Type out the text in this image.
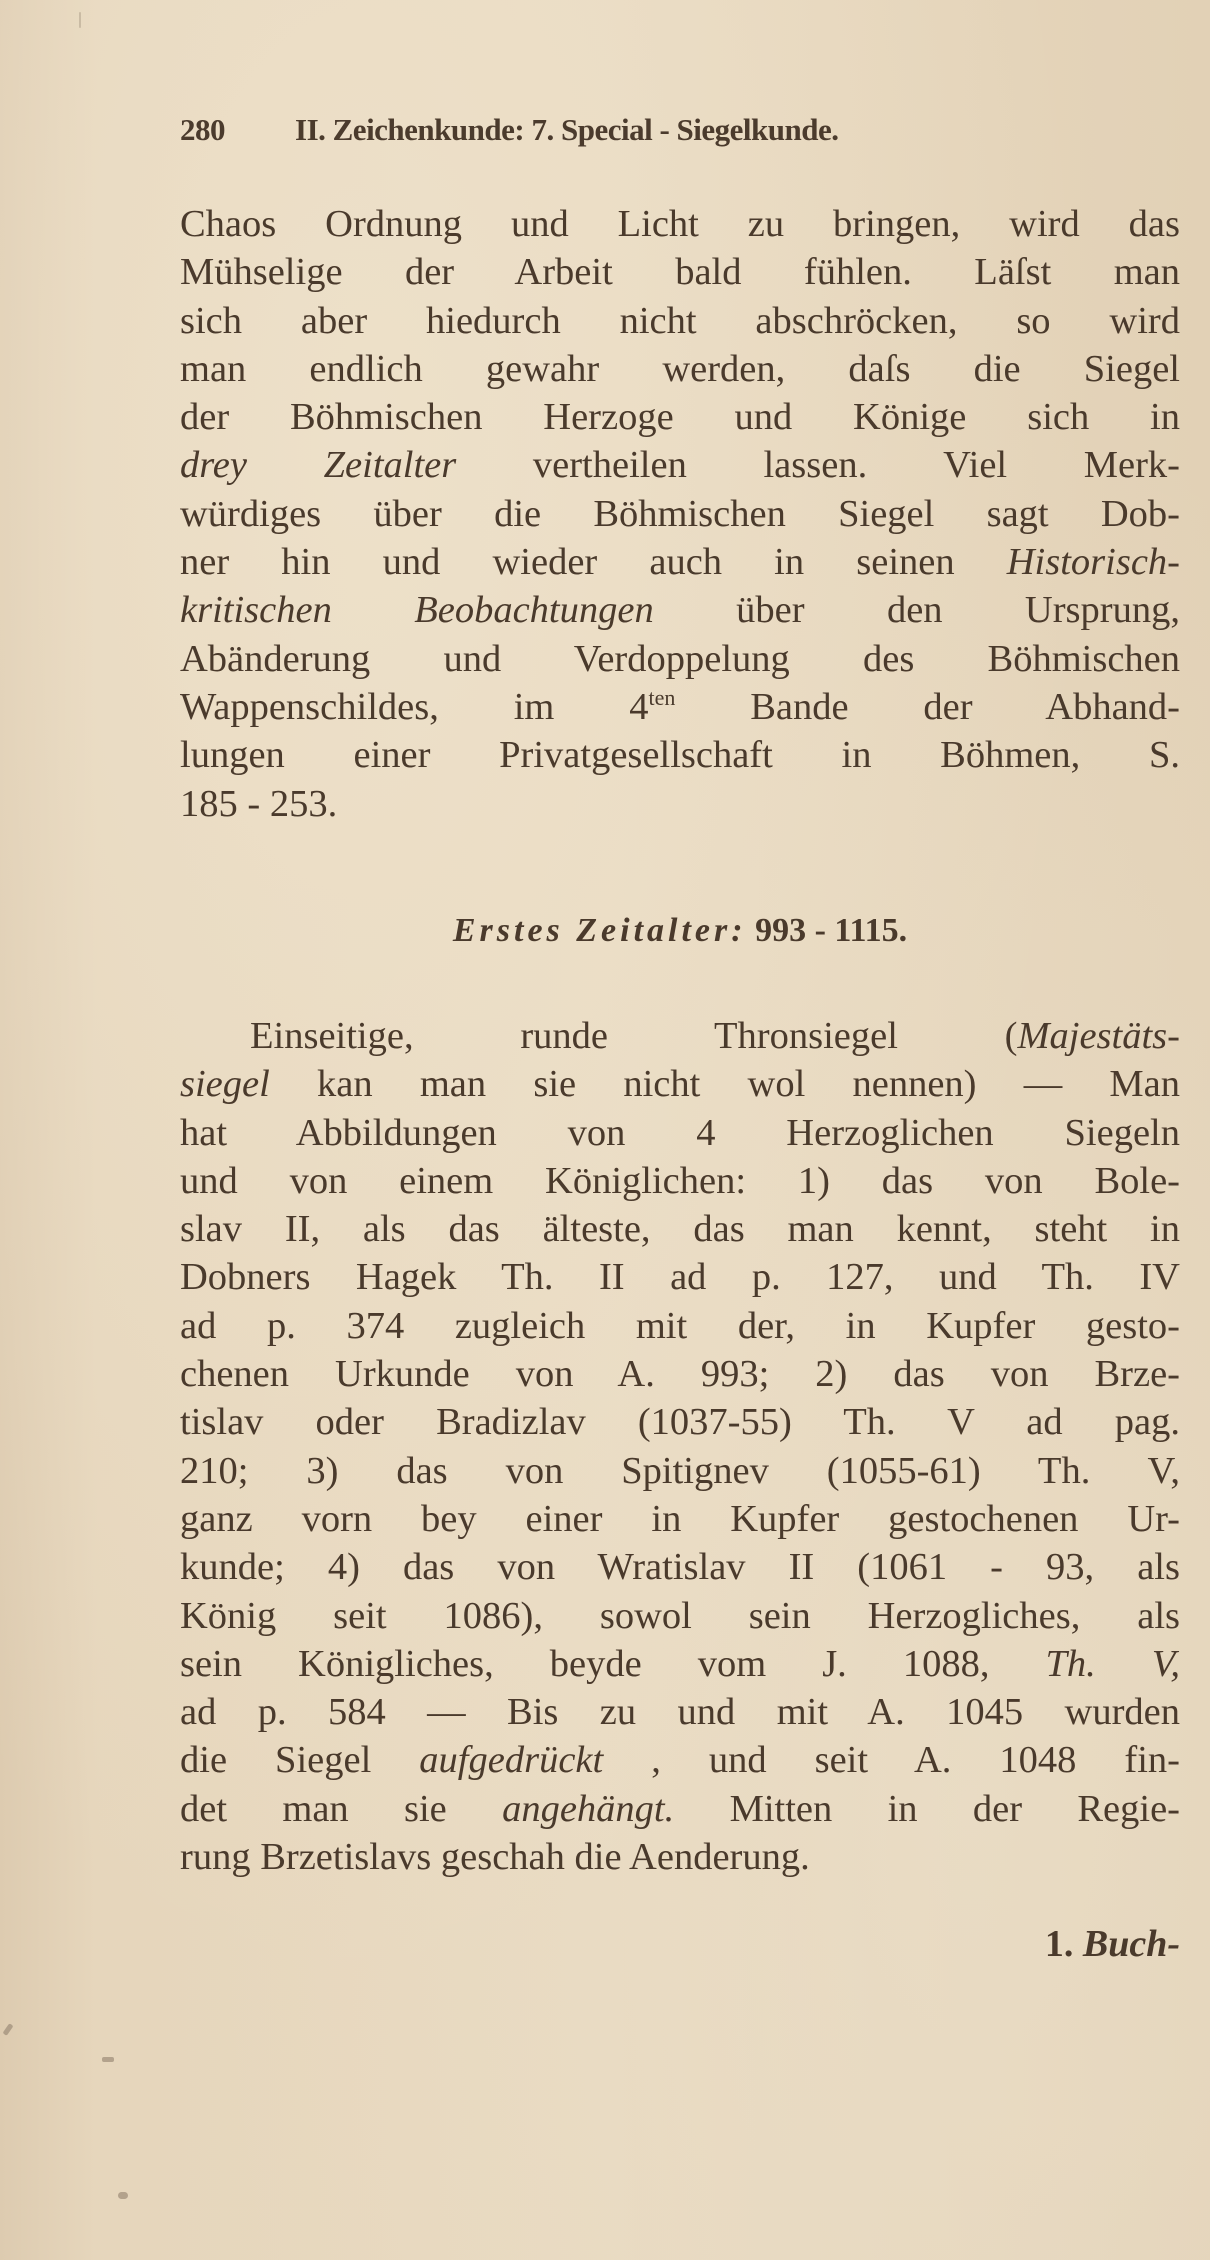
280 II. Zeichenkunde: 7. Special - Siegelkunde.
Chaos Ordnung und Licht zu bringen, wird das
Mühselige der Arbeit bald fühlen. Läſst man
sich aber hiedurch nicht abschröcken, so wird
man endlich gewahr werden, daſs die Siegel
der Böhmischen Herzoge und Könige sich in
drey Zeitalter vertheilen lassen. Viel Merk-
würdiges über die Böhmischen Siegel sagt Dob-
ner hin und wieder auch in seinen Historisch-
kritischen Beobachtungen über den Ursprung,
Abänderung und Verdoppelung des Böhmischen
Wappenschildes, im $4^{ten}$ Bande der Abhand-
lungen einer Privatgesellschaft in Böhmen, S.
185 - 253.
Erstes Zeitalter: 993 - 1115.
Einseitige, runde Thronsiegel (Majestäts-
siegel kan man sie nicht wol nennen) — Man
hat Abbildungen von 4 Herzoglichen Siegeln
und von einem Königlichen: 1) das von Bole-
slav II, als das älteste, das man kennt, steht in
Dobners Hagek Th. II ad p. 127, und Th. IV
ad p. 374 zugleich mit der, in Kupfer gesto-
chenen Urkunde von A. 993; 2) das von Brze-
tislav oder Bradizlav (1037-55) Th. V ad pag.
210; 3) das von Spitignev (1055-61) Th. V,
ganz vorn bey einer in Kupfer gestochenen Ur-
kunde; 4) das von Wratislav II (1061 - 93, als
König seit 1086), sowol sein Herzogliches, als
sein Königliches, beyde vom J. 1088, Th. V,
ad p. 584 — Bis zu und mit A. 1045 wurden
die Siegel aufgedrückt , und seit A. 1048 fin-
det man sie angehängt. Mitten in der Regie-
rung Brzetislavs geschah die Aenderung.
1. Buch-
